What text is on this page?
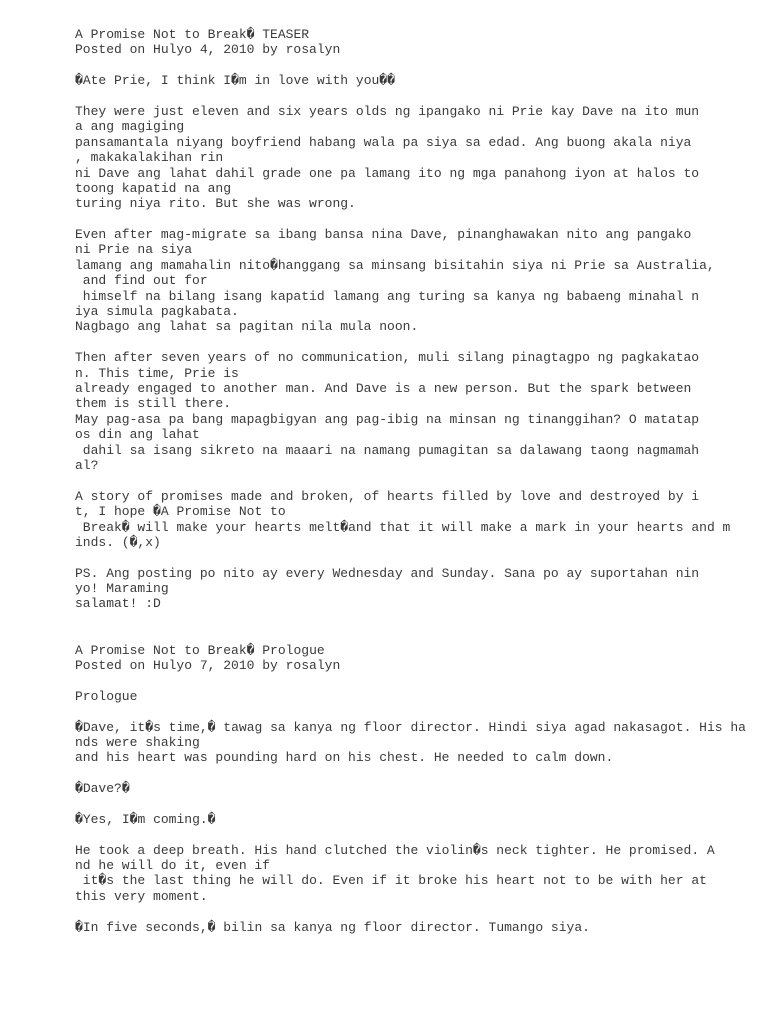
A Promise Not to Break� TEASER
Posted on Hulyo 4, 2010 by rosalyn
�Ate Prie, I think I�m in love with you��
They were just eleven and six years olds ng ipangako ni Prie kay Dave na ito mun
a ang magiging
pansamantala niyang boyfriend habang wala pa siya sa edad. Ang buong akala niya
, makakalakihan rin
ni Dave ang lahat dahil grade one pa lamang ito ng mga panahong iyon at halos to
toong kapatid na ang
turing niya rito. But she was wrong.
Even after mag-migrate sa ibang bansa nina Dave, pinanghawakan nito ang pangako
ni Prie na siya
lamang ang mamahalin nito�hanggang sa minsang bisitahin siya ni Prie sa Australia,
and find out for
himself na bilang isang kapatid lamang ang turing sa kanya ng babaeng minahal n
iya simula pagkabata.
Nagbago ang lahat sa pagitan nila mula noon.
Then after seven years of no communication, muli silang pinagtagpo ng pagkakatao
n. This time, Prie is
already engaged to another man. And Dave is a new person. But the spark between
them is still there.
May pag-asa pa bang mapagbigyan ang pag-ibig na minsan ng tinanggihan? O matatap
os din ang lahat
dahil sa isang sikreto na maaari na namang pumagitan sa dalawang taong nagmamah
al?
A story of promises made and broken, of hearts filled by love and destroyed by i
t, I hope �A Promise Not to
Break� will make your hearts melt�and that it will make a mark in your hearts and m
inds. (�,x)
PS. Ang posting po nito ay every Wednesday and Sunday. Sana po ay suportahan nin
yo! Maraming
salamat! :D
A Promise Not to Break� Prologue
Posted on Hulyo 7, 2010 by rosalyn
Prologue
�Dave, it�s time,� tawag sa kanya ng floor director. Hindi siya agad nakasagot. His ha
nds were shaking
and his heart was pounding hard on his chest. He needed to calm down.
�Dave?�
�Yes, I�m coming.�
He took a deep breath. His hand clutched the violin�s neck tighter. He promised. A
nd he will do it, even if
it�s the last thing he will do. Even if it broke his heart not to be with her at
this very moment.
�In five seconds,� bilin sa kanya ng floor director. Tumango siya.
